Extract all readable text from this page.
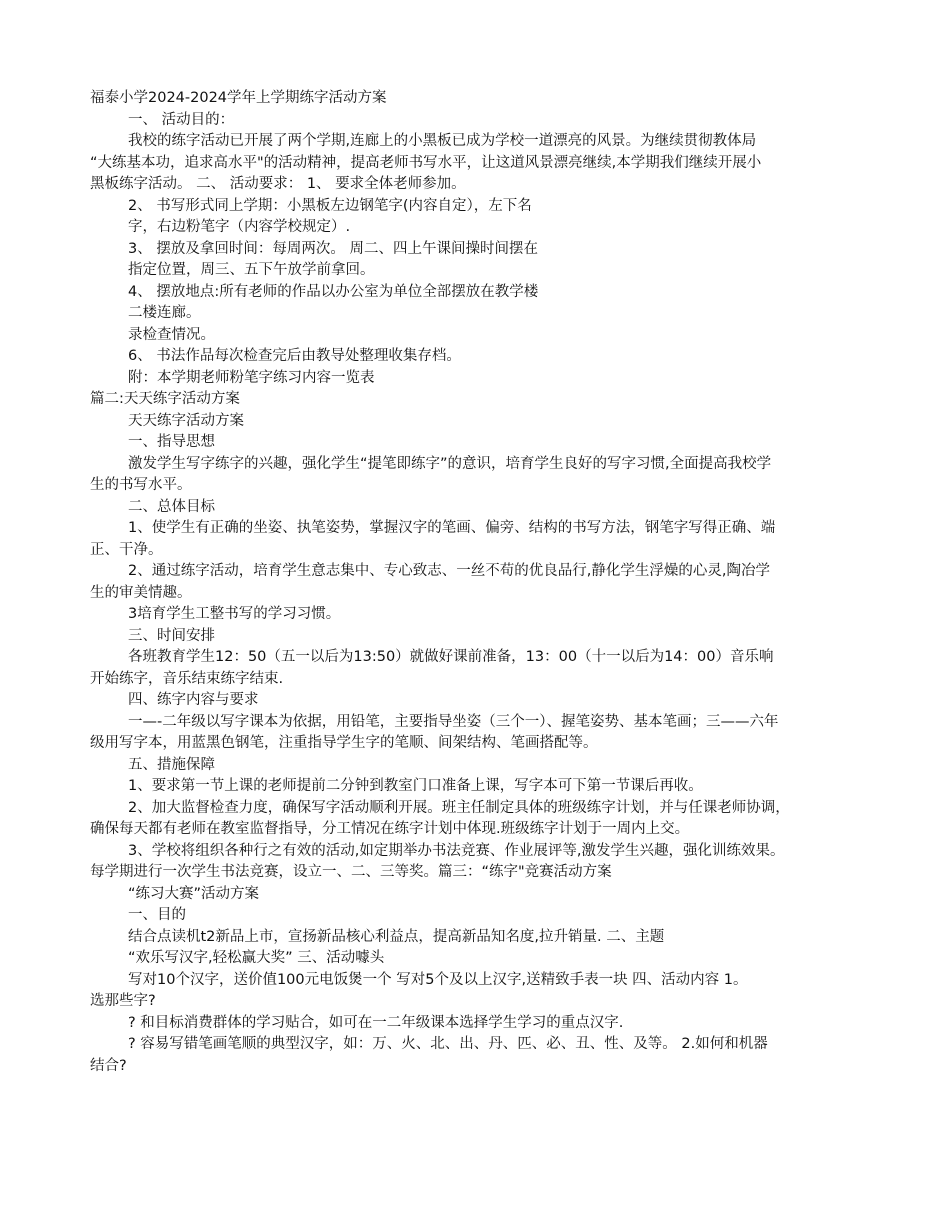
福泰小学2024-2024学年上学期练字活动方案
一、 活动目的：
我校的练字活动已开展了两个学期,连廊上的小黑板已成为学校一道漂亮的风景。为继续贯彻教体局
“大练基本功，追求高水平"的活动精神，提高老师书写水平，让这道风景漂亮继续,本学期我们继续开展小
黑板练字活动。 二、 活动要求： 1、 要求全体老师参加。
2、 书写形式同上学期：小黑板左边钢笔字(内容自定），左下名
字，右边粉笔字（内容学校规定）.
3、 摆放及拿回时间：每周两次。 周二、四上午课间操时间摆在
指定位置，周三、五下午放学前拿回。
4、 摆放地点:所有老师的作品以办公室为单位全部摆放在教学楼
二楼连廊。
录检查情况。
6、 书法作品每次检查完后由教导处整理收集存档。
附：本学期老师粉笔字练习内容一览表
篇二:天天练字活动方案
天天练字活动方案
一、指导思想
激发学生写字练字的兴趣，强化学生“提笔即练字”的意识，培育学生良好的写字习惯,全面提高我校学
生的书写水平。
二、总体目标
1、使学生有正确的坐姿、执笔姿势，掌握汉字的笔画、偏旁、结构的书写方法，钢笔字写得正确、端
正、干净。
2、通过练字活动，培育学生意志集中、专心致志、一丝不苟的优良品行,静化学生浮燥的心灵,陶冶学
生的审美情趣。
3培育学生工整书写的学习习惯。
三、时间安排
各班教育学生12：50（五一以后为13:50）就做好课前准备，13：00（十一以后为14：00）音乐响
开始练字，音乐结束练字结束.
四、练字内容与要求
一—-二年级以写字课本为依据，用铅笔，主要指导坐姿（三个一）、握笔姿势、基本笔画；三——六年
级用写字本，用蓝黑色钢笔，注重指导学生字的笔顺、间架结构、笔画搭配等。
五、措施保障
1、要求第一节上课的老师提前二分钟到教室门口准备上课，写字本可下第一节课后再收。
2、加大监督检查力度，确保写字活动顺利开展。班主任制定具体的班级练字计划，并与任课老师协调，
确保每天都有老师在教室监督指导，分工情况在练字计划中体现.班级练字计划于一周内上交。
3、学校将组织各种行之有效的活动,如定期举办书法竞赛、作业展评等,激发学生兴趣，强化训练效果。
每学期进行一次学生书法竞赛，设立一、二、三等奖。篇三：“练字"竞赛活动方案
“练习大赛”活动方案
一、目的
结合点读机t2新品上市，宣扬新品核心利益点，提高新品知名度,拉升销量. 二、主题
“欢乐写汉字,轻松赢大奖” 三、活动噱头
写对10个汉字，送价值100元电饭煲一个 写对5个及以上汉字,送精致手表一块 四、活动内容 1。
选那些字?
? 和目标消费群体的学习贴合，如可在一二年级课本选择学生学习的重点汉字.
? 容易写错笔画笔顺的典型汉字，如：万、火、北、出、丹、匹、必、丑、性、及等。 2.如何和机器
结合?
